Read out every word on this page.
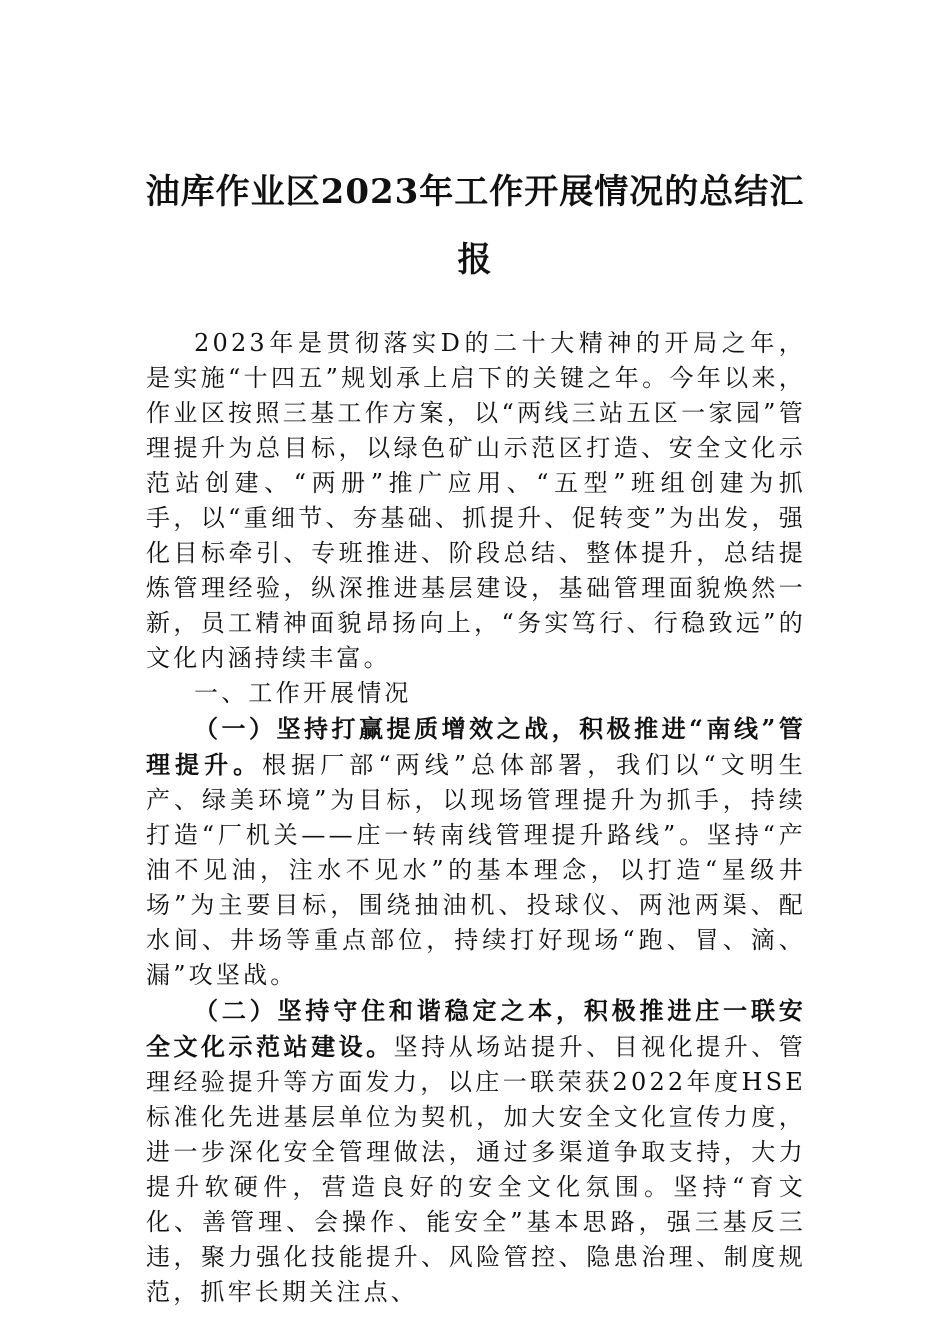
油库作业区2023年工作开展情况的总结汇报

2023年是贯彻落实D的二十大精神的开局之年，是实施“十四五”规划承上启下的关键之年。今年以来，作业区按照三基工作方案，以“两线三站五区一家园”管理提升为总目标，以绿色矿山示范区打造、安全文化示范站创建、“两册”推广应用、“五型”班组创建为抓手，以“重细节、夯基础、抓提升、促转变”为出发，强化目标牵引、专班推进、阶段总结、整体提升，总结提炼管理经验，纵深推进基层建设，基础管理面貌焕然一新，员工精神面貌昂扬向上，“务实笃行、行稳致远”的文化内涵持续丰富。

一、工作开展情况

（一）坚持打赢提质增效之战，积极推进“南线”管理提升。根据厂部“两线”总体部署，我们以“文明生产、绿美环境”为目标，以现场管理提升为抓手，持续打造“厂机关——庄一转南线管理提升路线”。坚持“产油不见油，注水不见水”的基本理念，以打造“星级井场”为主要目标，围绕抽油机、投球仪、两池两渠、配水间、井场等重点部位，持续打好现场“跑、冒、滴、漏”攻坚战。

（二）坚持守住和谐稳定之本，积极推进庄一联安全文化示范站建设。坚持从场站提升、目视化提升、管理经验提升等方面发力，以庄一联荣获2022年度HSE标准化先进基层单位为契机，加大安全文化宣传力度，进一步深化安全管理做法，通过多渠道争取支持，大力提升软硬件，营造良好的安全文化氛围。坚持“育文化、善管理、会操作、能安全”基本思路，强三基反三违，聚力强化技能提升、风险管控、隐患治理、制度规范，抓牢长期关注点、
